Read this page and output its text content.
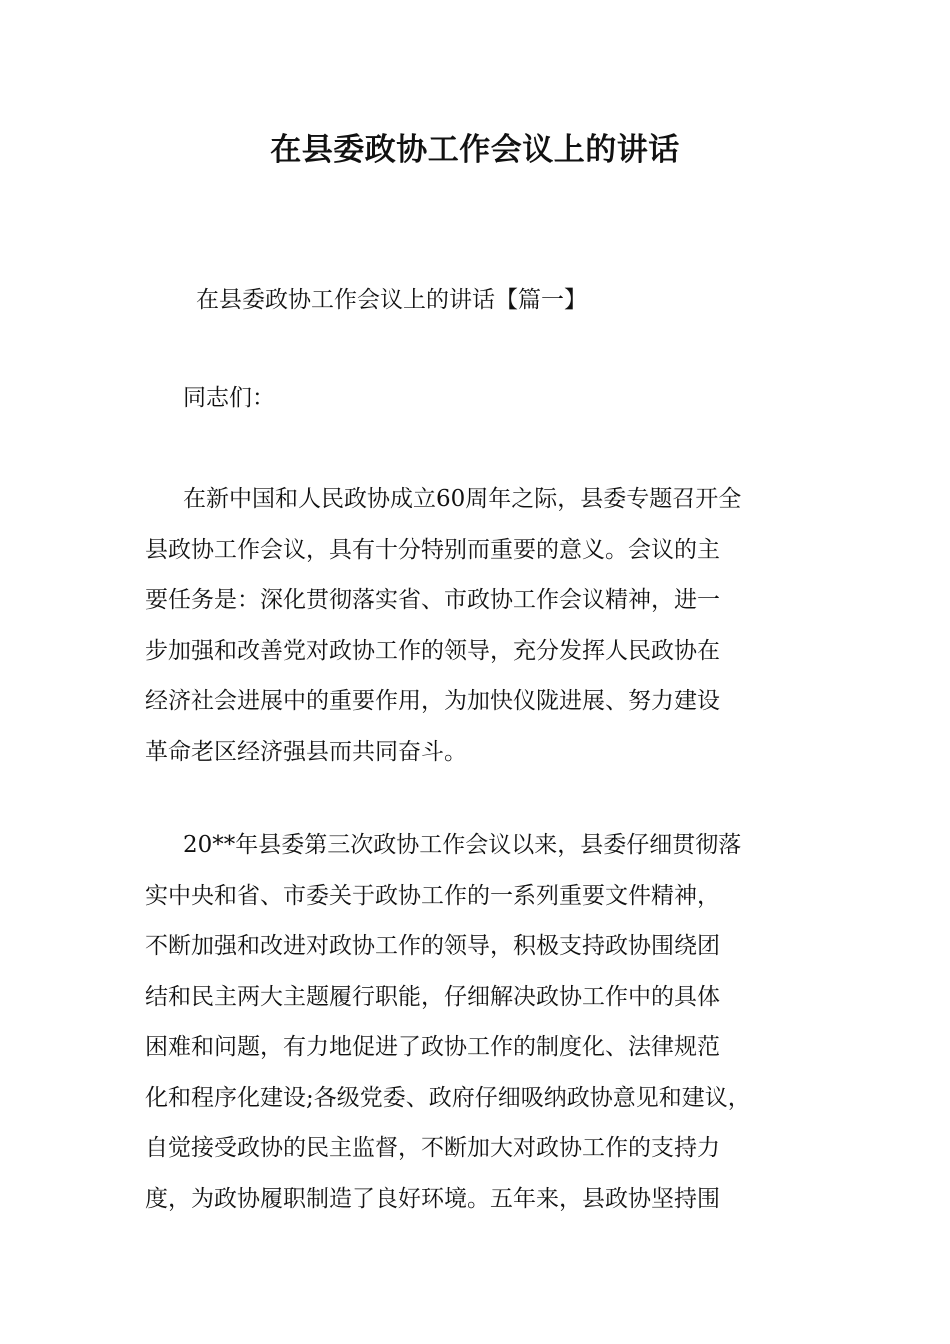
在县委政协工作会议上的讲话

在县委政协工作会议上的讲话【篇一】

同志们：

在新中国和人民政协成立60周年之际，县委专题召开全
县政协工作会议，具有十分特别而重要的意义。会议的主
要任务是：深化贯彻落实省、市政协工作会议精神，进一
步加强和改善党对政协工作的领导，充分发挥人民政协在
经济社会进展中的重要作用，为加快仪陇进展、努力建设
革命老区经济强县而共同奋斗。

20**年县委第三次政协工作会议以来，县委仔细贯彻落
实中央和省、市委关于政协工作的一系列重要文件精神，
不断加强和改进对政协工作的领导，积极支持政协围绕团
结和民主两大主题履行职能，仔细解决政协工作中的具体
困难和问题，有力地促进了政协工作的制度化、法律规范
化和程序化建设;各级党委、政府仔细吸纳政协意见和建议，
自觉接受政协的民主监督，不断加大对政协工作的支持力
度，为政协履职制造了良好环境。五年来，县政协坚持围
